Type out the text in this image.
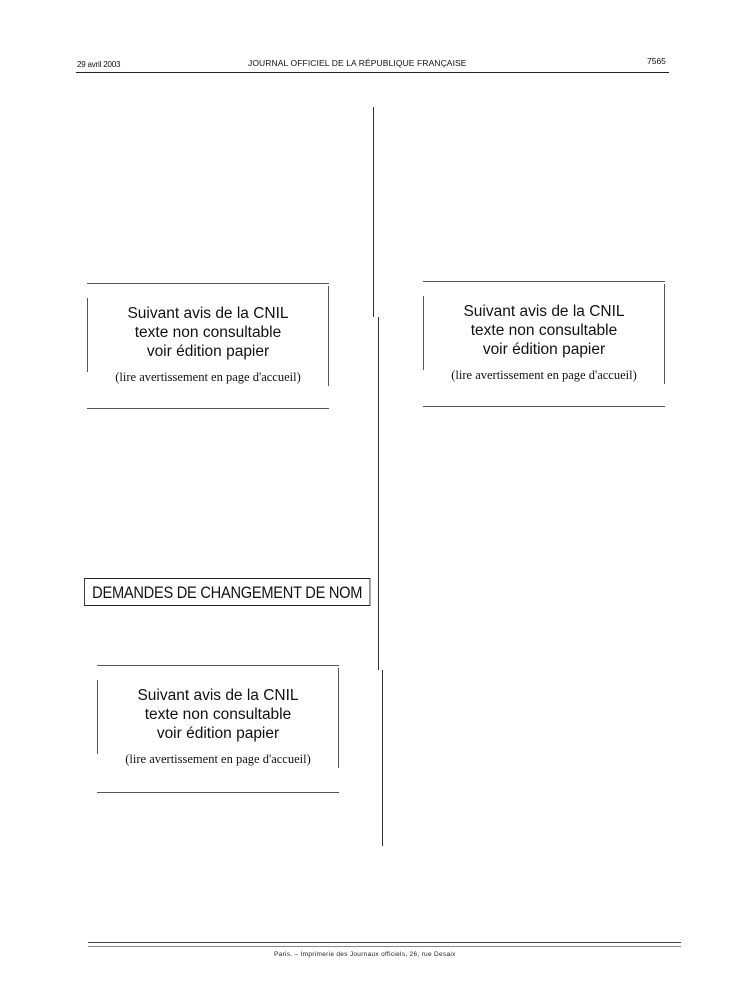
29 avril 2003	JOURNAL OFFICIEL DE LA RÉPUBLIQUE FRANÇAISE	7565
Suivant avis de la CNIL
texte non consultable
voir édition papier
(lire avertissement en page d'accueil)
Suivant avis de la CNIL
texte non consultable
voir édition papier
(lire avertissement en page d'accueil)
DEMANDES DE CHANGEMENT DE NOM
Suivant avis de la CNIL
texte non consultable
voir édition papier
(lire avertissement en page d'accueil)
Paris. – Imprimerie des Journaux officiels, 26, rue Desaix
